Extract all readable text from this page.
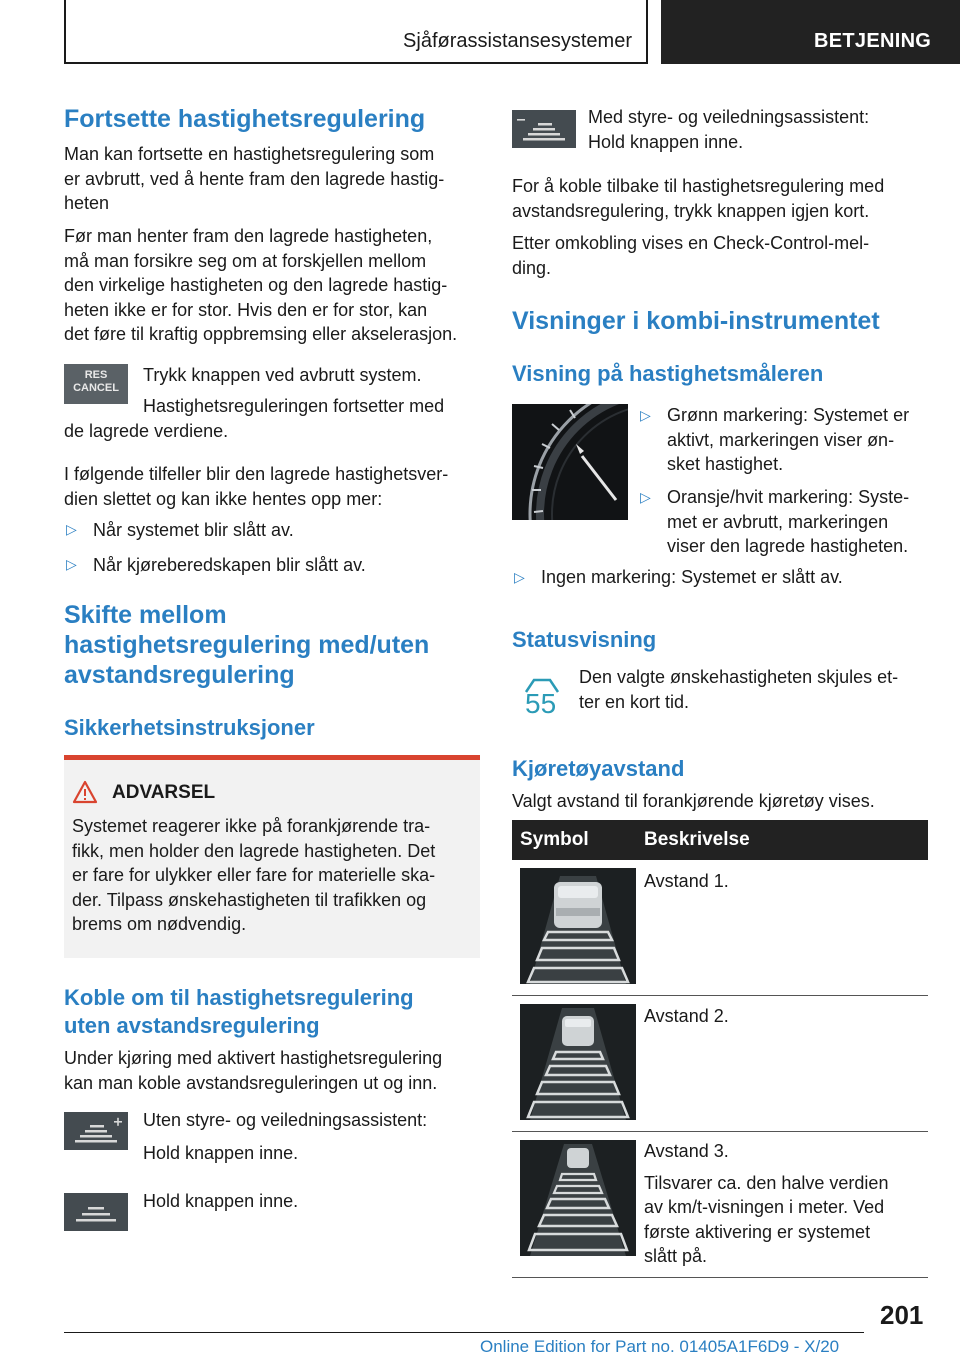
Sjåførassistansesystemer	BETJENING
Fortsette hastighetsregulering
Man kan fortsette en hastighetsregulering som
er avbrutt, ved å hente fram den lagrede hastig-
heten
Før man henter fram den lagrede hastigheten,
må man forsikre seg om at forskjellen mellom
den virkelige hastigheten og den lagrede hastig-
heten ikke er for stor. Hvis den er for stor, kan
det føre til kraftig oppbremsing eller akselerasjon.
RES
CANCEL
Trykk knappen ved avbrutt system.
Hastighetsreguleringen fortsetter med
de lagrede verdiene.
I følgende tilfeller blir den lagrede hastighetsver-
dien slettet og kan ikke hentes opp mer:
▷ Når systemet blir slått av.
▷ Når kjøreberedskapen blir slått av.
Skifte mellom
hastighetsregulering med/uten
avstandsregulering
Sikkerhetsinstruksjoner
ADVARSEL
Systemet reagerer ikke på forankjørende tra-
fikk, men holder den lagrede hastigheten. Det
er fare for ulykker eller fare for materielle ska-
der. Tilpass ønskehastigheten til trafikken og
brems om nødvendig.
Koble om til hastighetsregulering
uten avstandsregulering
Under kjøring med aktivert hastighetsregulering
kan man koble avstandsreguleringen ut og inn.
Uten styre- og veiledningsassistent:
Hold knappen inne.
Hold knappen inne.
Med styre- og veiledningsassistent:
Hold knappen inne.
For å koble tilbake til hastighetsregulering med
avstandsregulering, trykk knappen igjen kort.
Etter omkobling vises en Check-Control-mel-
ding.
Visninger i kombi-instrumentet
Visning på hastighetsmåleren
▷ Grønn markering: Systemet er
aktivt, markeringen viser øn-
sket hastighet.
▷ Oransje/hvit markering: Syste-
met er avbrutt, markeringen
viser den lagrede hastigheten.
▷ Ingen markering: Systemet er slått av.
Statusvisning
55
Den valgte ønskehastigheten skjules et-
ter en kort tid.
Kjøretøyavstand
Valgt avstand til forankjørende kjøretøy vises.
Symbol	Beskrivelse
Avstand 1.
Avstand 2.
Avstand 3.
Tilsvarer ca. den halve verdien
av km/t-visningen i meter. Ved
første aktivering er systemet
slått på.
201
Online Edition for Part no. 01405A1F6D9 - X/20
